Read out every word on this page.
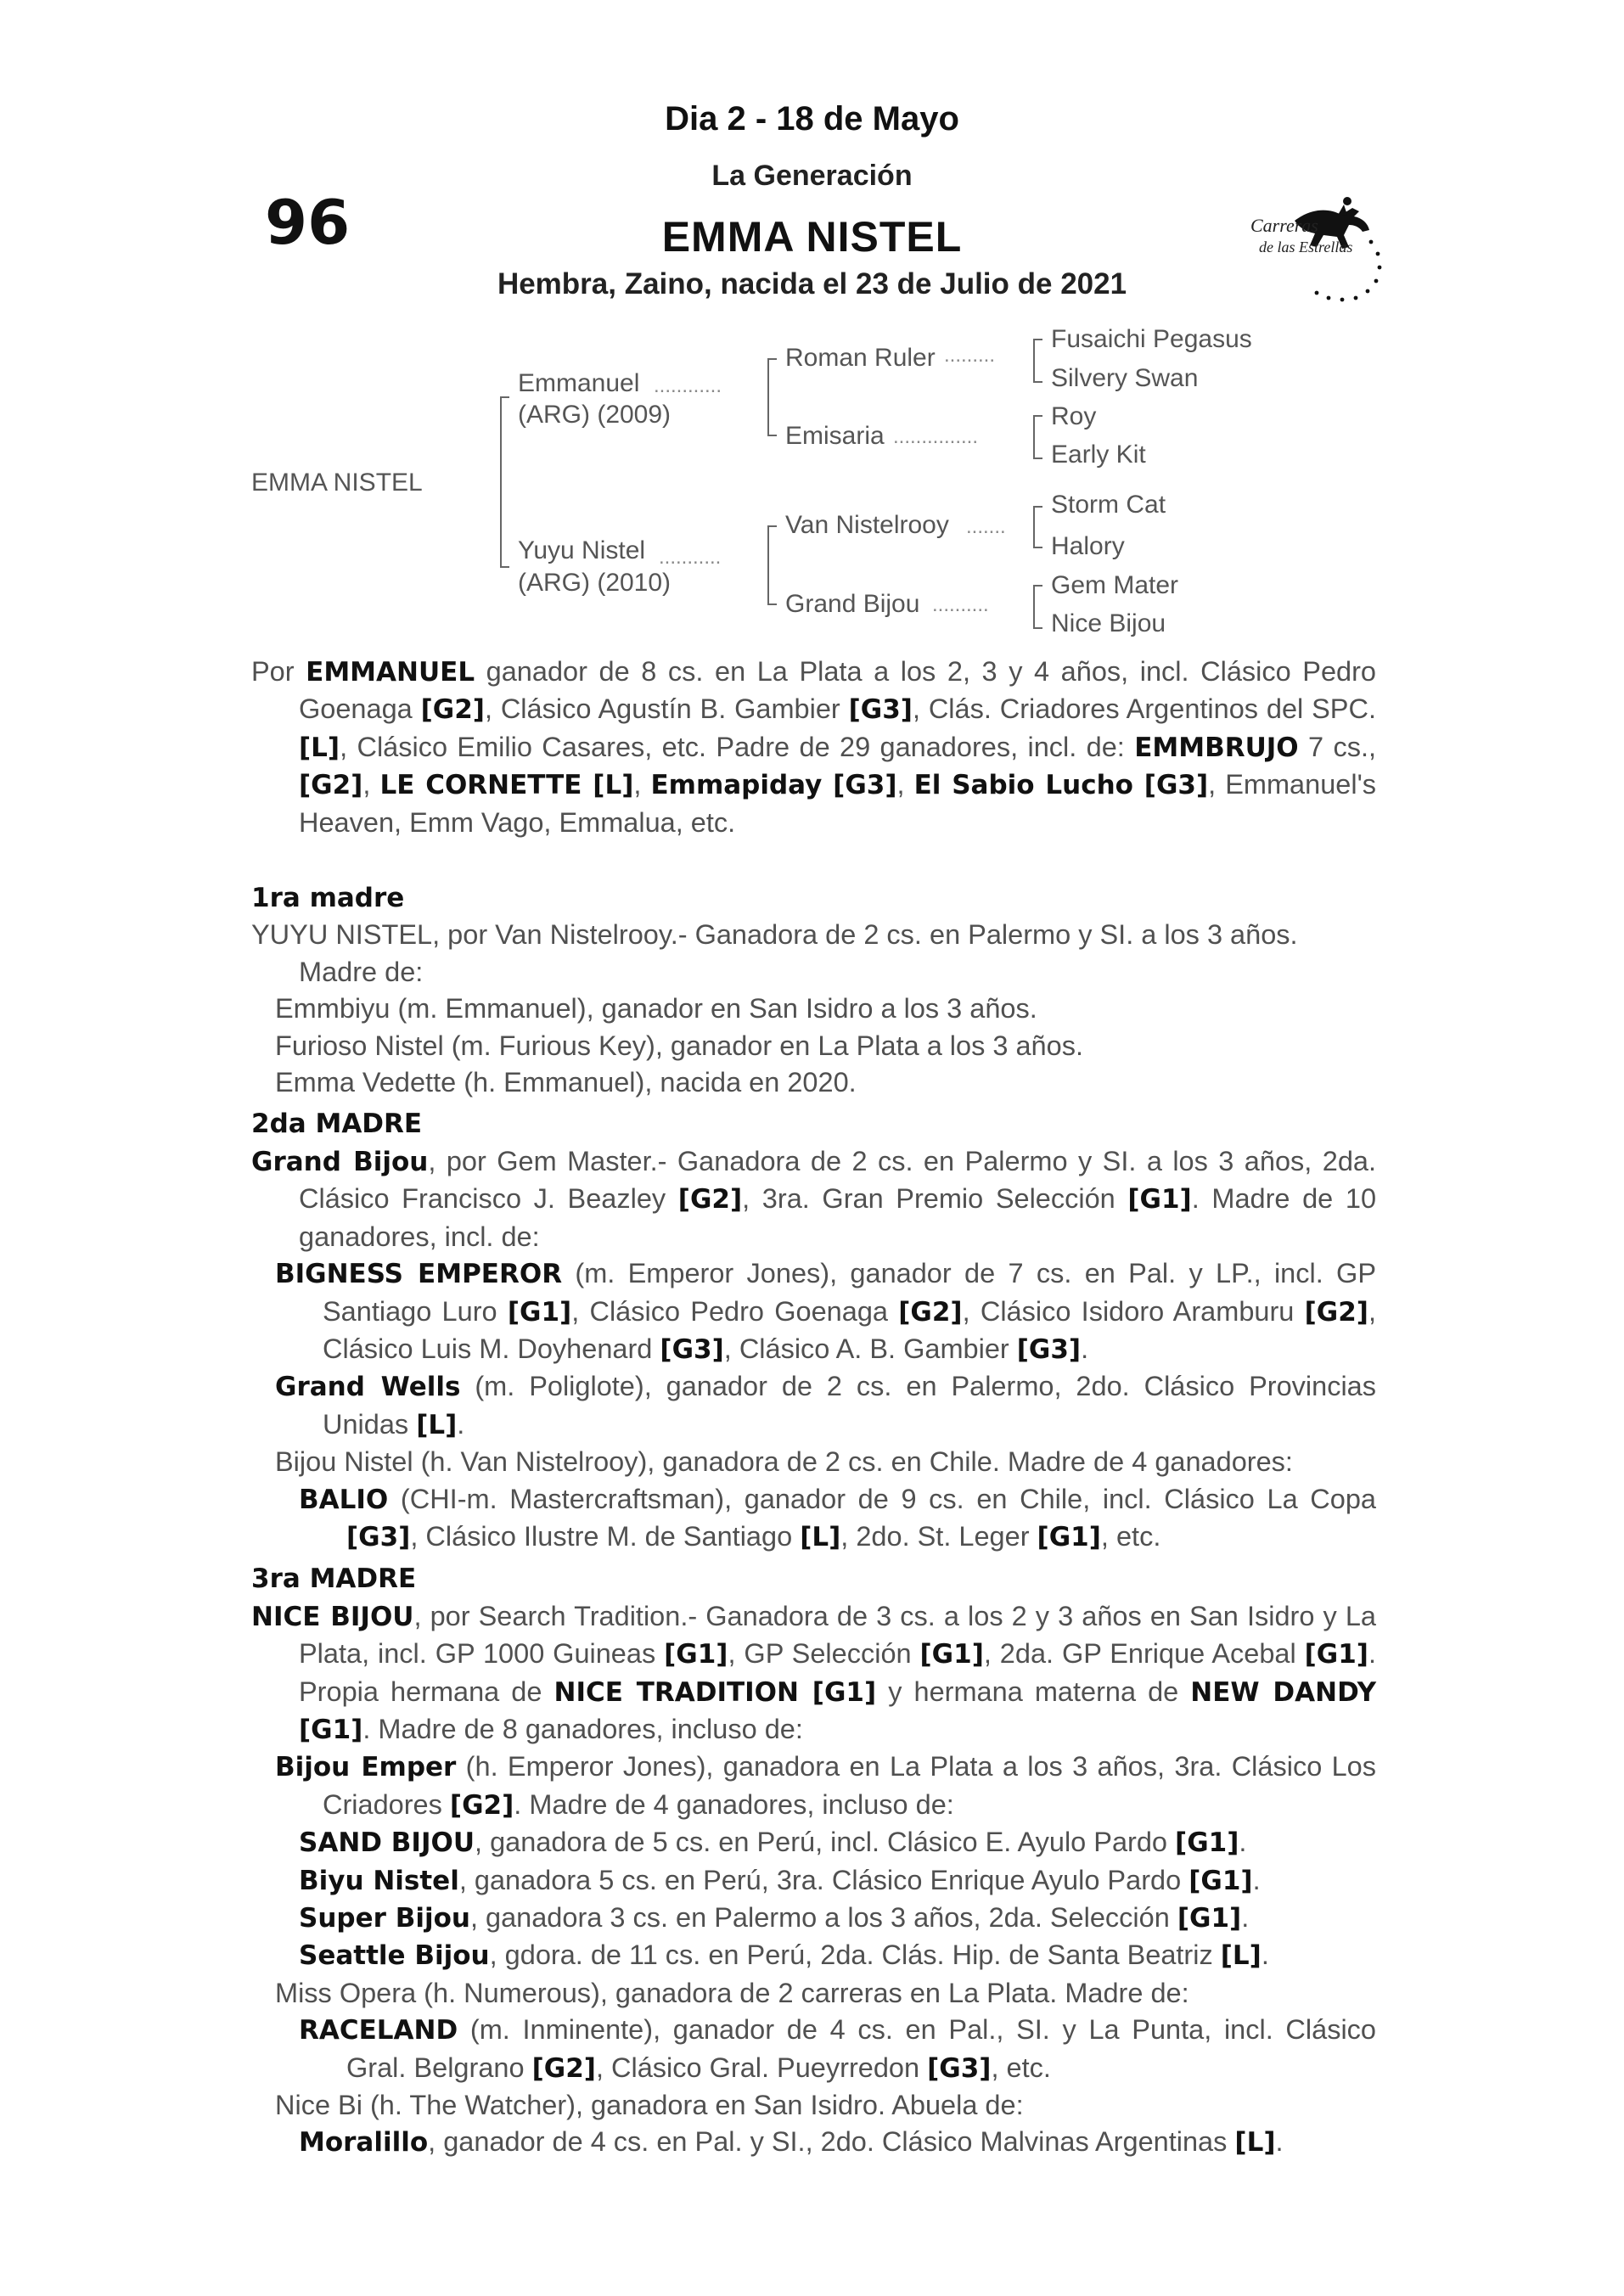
Dia 2 - 18 de Mayo
La Generación
96	EMMA NISTEL
Hembra, Zaino, nacida el 23 de Julio de 2021
Carreras
de las Estrellas
............
...........
.........
...............
.......
..........
EMMA NISTEL
Emmanuel
(ARG) (2009)
Yuyu Nistel
(ARG) (2010)
Roman Ruler
Emisaria
Van Nistelrooy
Grand Bijou
Fusaichi Pegasus
Silvery Swan
Roy
Early Kit
Storm Cat
Halory
Gem Mater
Nice Bijou

Por EMMANUEL ganador de 8 cs. en La Plata a los 2, 3 y 4 años, incl. Clásico Pedro Goenaga [G2], Clásico Agustín B. Gambier [G3], Clás. Criadores Argentinos del SPC. [L], Clásico Emilio Casares, etc. Padre de 29 ganadores, incl. de: EMMBRUJO 7 cs., [G2], LE CORNETTE [L], Emmapiday [G3], El Sabio Lucho [G3], Emmanuel's Heaven, Emm Vago, Emmalua, etc.

1ra madre

YUYU NISTEL, por Van Nistelrooy.- Ganadora de 2 cs. en Palermo y SI. a los 3 años.

Madre de:

Emmbiyu (m. Emmanuel), ganador en San Isidro a los 3 años.

Furioso Nistel (m. Furious Key), ganador en La Plata a los 3 años.

Emma Vedette (h. Emmanuel), nacida en 2020.

2da MADRE

Grand Bijou, por Gem Master.- Ganadora de 2 cs. en Palermo y SI. a los 3 años, 2da. Clásico Francisco J. Beazley [G2], 3ra. Gran Premio Selección [G1]. Madre de 10 ganadores, incl. de:

BIGNESS EMPEROR (m. Emperor Jones), ganador de 7 cs. en Pal. y LP., incl. GP Santiago Luro [G1], Clásico Pedro Goenaga [G2], Clásico Isidoro Aramburu [G2], Clásico Luis M. Doyhenard [G3], Clásico A. B. Gambier [G3].

Grand Wells (m. Poliglote), ganador de 2 cs. en Palermo, 2do. Clásico Provincias Unidas [L].

Bijou Nistel (h. Van Nistelrooy), ganadora de 2 cs. en Chile. Madre de 4 ganadores:

BALIO (CHI-m. Mastercraftsman), ganador de 9 cs. en Chile, incl. Clásico La Copa [G3], Clásico Ilustre M. de Santiago [L], 2do. St. Leger [G1], etc.

3ra MADRE

NICE BIJOU, por Search Tradition.- Ganadora de 3 cs. a los 2 y 3 años en San Isidro y La Plata, incl. GP 1000 Guineas [G1], GP Selección [G1], 2da. GP Enrique Acebal [G1]. Propia hermana de NICE TRADITION [G1] y hermana materna de NEW DANDY [G1]. Madre de 8 ganadores, incluso de:

Bijou Emper (h. Emperor Jones), ganadora en La Plata a los 3 años, 3ra. Clásico Los Criadores [G2]. Madre de 4 ganadores, incluso de:

SAND BIJOU, ganadora de 5 cs. en Perú, incl. Clásico E. Ayulo Pardo [G1].

Biyu Nistel, ganadora 5 cs. en Perú, 3ra. Clásico Enrique Ayulo Pardo [G1].

Super Bijou, ganadora 3 cs. en Palermo a los 3 años, 2da. Selección [G1].

Seattle Bijou, gdora. de 11 cs. en Perú, 2da. Clás. Hip. de Santa Beatriz [L].

Miss Opera (h. Numerous), ganadora de 2 carreras en La Plata. Madre de:

RACELAND (m. Inminente), ganador de 4 cs. en Pal., SI. y La Punta, incl. Clásico Gral. Belgrano [G2], Clásico Gral. Pueyrredon [G3], etc.

Nice Bi (h. The Watcher), ganadora en San Isidro. Abuela de:

Moralillo, ganador de 4 cs. en Pal. y SI., 2do. Clásico Malvinas Argentinas [L].
